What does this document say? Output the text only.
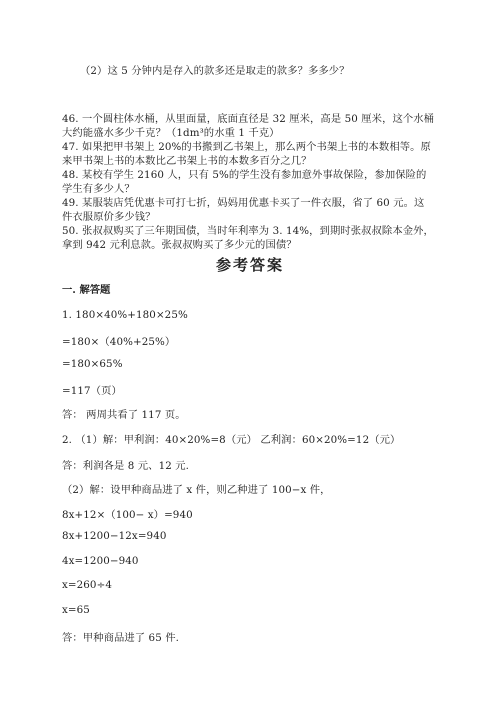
（2）这 5 分钟内是存入的款多还是取走的款多？多多少？
46. 一个圆柱体水桶，从里面量，底面直径是 32 厘米，高是 50 厘米，这个水桶
大约能盛水多少千克？（1dm³的水重 1 千克）
47. 如果把甲书架上 20%的书搬到乙书架上，那么两个书架上书的本数相等。原
来甲书架上书的本数比乙书架上书的本数多百分之几？
48. 某校有学生 2160 人，只有 5%的学生没有参加意外事故保险，参加保险的
学生有多少人？
49. 某服装店凭优惠卡可打七折，妈妈用优惠卡买了一件衣服，省了 60 元。这
件衣服原价多少钱？
50. 张叔叔购买了三年期国债，当时年利率为 3. 14%，到期时张叔叔除本金外，
拿到 942 元利息款。张叔叔购买了多少元的国债？
参考答案
一. 解答题
1. 180×40%+180×25%
=180×（40%+25%）
=180×65%
=117（页）
答： 两周共看了 117 页。
2. （1）解：甲利润：40×20%=8（元） 乙利润：60×20%=12（元）
答：利润各是 8 元、12 元.
（2）解：设甲种商品进了 x 件，则乙种进了 100−x 件，
8x+12×（100− x）=940
8x+1200−12x=940
4x=1200−940
x=260÷4
x=65
答：甲种商品进了 65 件.
